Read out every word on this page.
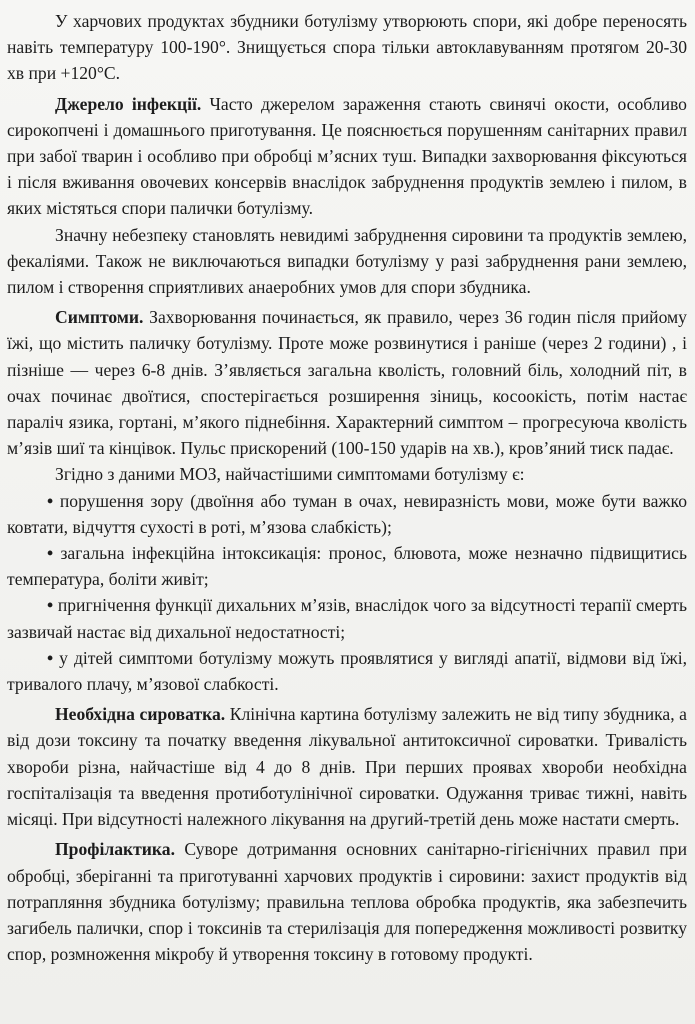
У харчових продуктах збудники ботулізму утворюють спори, які добре переносять навіть температуру 100-190°. Знищується спора тільки автоклавуванням протягом 20-30 хв при +120°С.

Джерело інфекції. Часто джерелом зараження стають свинячі окости, особливо сирокопчені і домашнього приготування. Це пояснюється порушенням санітарних правил при забої тварин і особливо при обробці м’ясних туш. Випадки захворювання фіксуються і після вживання овочевих консервів внаслідок забруднення продуктів землею і пилом, в яких містяться спори палички ботулізму.

Значну небезпеку становлять невидимі забруднення сировини та продуктів землею, фекаліями. Також не виключаються випадки ботулізму у разі забруднення рани землею, пилом і створення сприятливих анаеробних умов для спори збудника.

Симптоми. Захворювання починається, як правило, через 36 годин після прийому їжі, що містить паличку ботулізму. Проте може розвинутися і раніше (через 2 години) , і пізніше — через 6-8 днів. З’являється загальна кволість, головний біль, холодний піт, в очах починає двоїтися, спостерігається розширення зіниць, косоокість, потім настає параліч язика, гортані, м’якого піднебіння. Характерний симптом – прогресуюча кволість м’язів шиї та кінцівок. Пульс прискорений (100-150 ударів на хв.), кров’яний тиск падає.

Згідно з даними МОЗ, найчастішими симптомами ботулізму є:

• порушення зору (двоїння або туман в очах, невиразність мови, може бути важко ковтати, відчуття сухості в роті, м’язова слабкість);
• загальна інфекційна інтоксикація: пронос, блювота, може незначно підвищитись температура, боліти живіт;
• пригнічення функції дихальних м’язів, внаслідок чого за відсутності терапії смерть зазвичай настає від дихальної недостатності;
• у дітей симптоми ботулізму можуть проявлятися у вигляді апатії, відмови від їжі, тривалого плачу, м’язової слабкості.

Необхідна сироватка. Клінічна картина ботулізму залежить не від типу збудника, а від дози токсину та початку введення лікувальної антитоксичної сироватки. Тривалість хвороби різна, найчастіше від 4 до 8 днів. При перших проявах хвороби необхідна госпіталізація та введення протиботулінічної сироватки. Одужання триває тижні, навіть місяці. При відсутності належного лікування на другий-третій день може настати смерть.

Профілактика. Суворе дотримання основних санітарно-гігієнічних правил при обробці, зберіганні та приготуванні харчових продуктів і сировини: захист продуктів від потрапляння збудника ботулізму; правильна теплова обробка продуктів, яка забезпечить загибель палички, спор і токсинів та стерилізація для попередження можливості розвитку спор, розмноження мікробу й утворення токсину в готовому продукті.
